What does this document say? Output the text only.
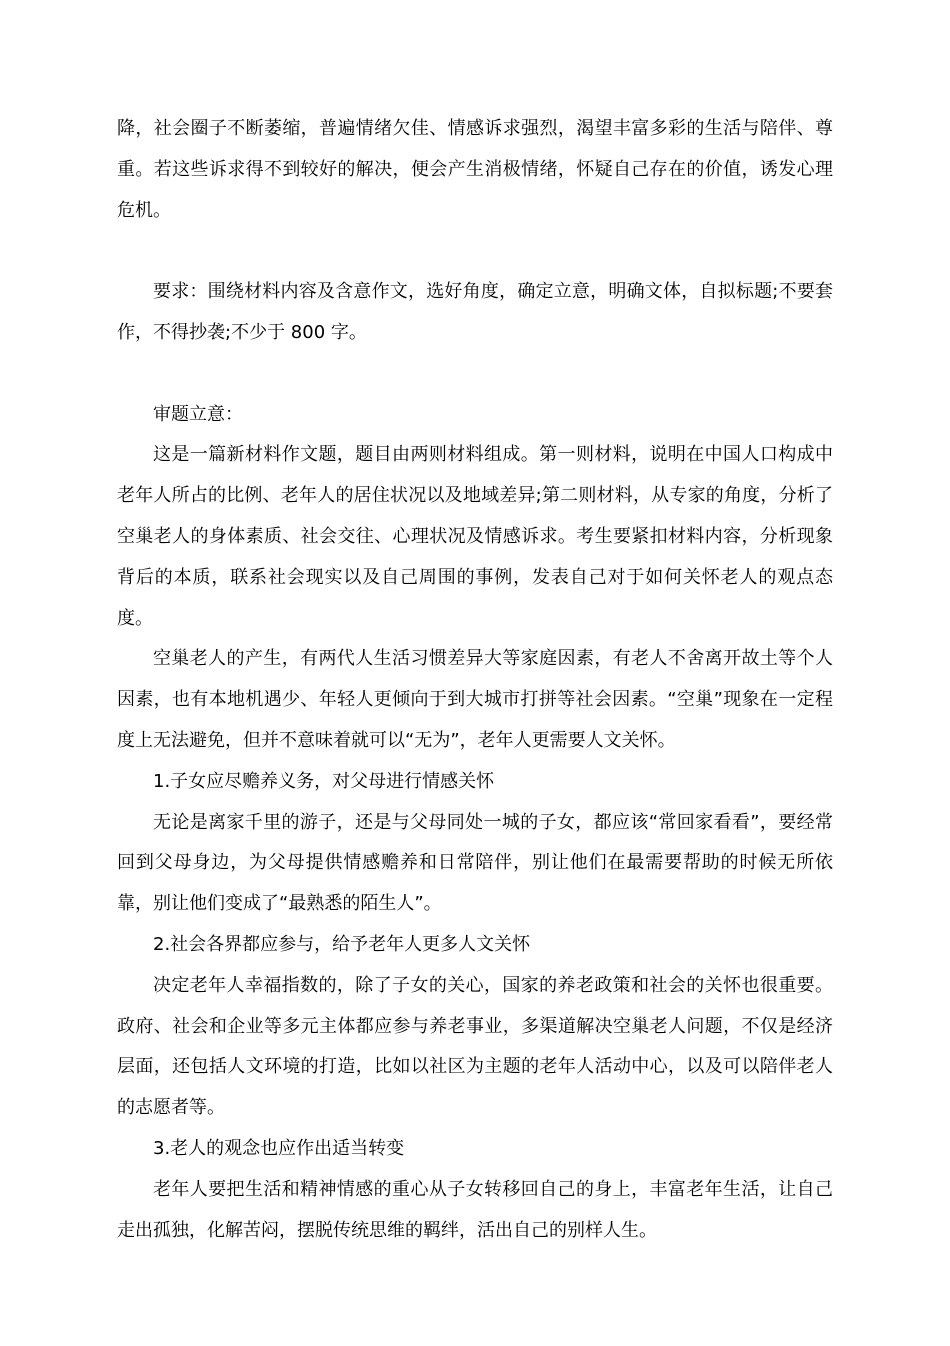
降，社会圈子不断萎缩，普遍情绪欠佳、情感诉求强烈，渴望丰富多彩的生活与陪伴、尊重。若这些诉求得不到较好的解决，便会产生消极情绪，怀疑自己存在的价值，诱发心理危机。

要求：围绕材料内容及含意作文，选好角度，确定立意，明确文体，自拟标题;不要套作，不得抄袭;不少于 800 字。

审题立意：

这是一篇新材料作文题，题目由两则材料组成。第一则材料，说明在中国人口构成中老年人所占的比例、老年人的居住状况以及地域差异;第二则材料，从专家的角度，分析了空巢老人的身体素质、社会交往、心理状况及情感诉求。考生要紧扣材料内容，分析现象背后的本质，联系社会现实以及自己周围的事例，发表自己对于如何关怀老人的观点态度。

空巢老人的产生，有两代人生活习惯差异大等家庭因素，有老人不舍离开故土等个人因素，也有本地机遇少、年轻人更倾向于到大城市打拼等社会因素。“空巢”现象在一定程度上无法避免，但并不意味着就可以“无为”，老年人更需要人文关怀。

1.子女应尽赡养义务，对父母进行情感关怀

无论是离家千里的游子，还是与父母同处一城的子女，都应该“常回家看看”，要经常回到父母身边，为父母提供情感赡养和日常陪伴，别让他们在最需要帮助的时候无所依靠，别让他们变成了“最熟悉的陌生人”。

2.社会各界都应参与，给予老年人更多人文关怀

决定老年人幸福指数的，除了子女的关心，国家的养老政策和社会的关怀也很重要。政府、社会和企业等多元主体都应参与养老事业，多渠道解决空巢老人问题，不仅是经济层面，还包括人文环境的打造，比如以社区为主题的老年人活动中心，以及可以陪伴老人的志愿者等。

3.老人的观念也应作出适当转变

老年人要把生活和精神情感的重心从子女转移回自己的身上，丰富老年生活，让自己走出孤独，化解苦闷，摆脱传统思维的羁绊，活出自己的别样人生。
